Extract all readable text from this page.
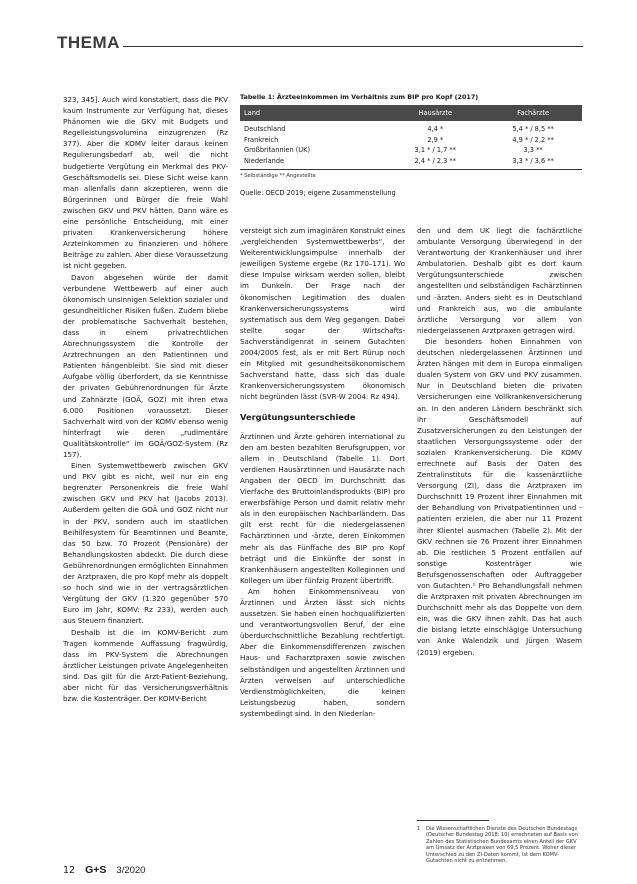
THEMA

323, 345]. Auch wird konstatiert, dass die PKV kaum Instrumente zur Verfügung hat, dieses Phänomen wie die GKV mit Budgets und Regelleistungsvolumina einzugrenzen (Rz 377). Aber die KOMV leiter daraus keinen Regulierungsbedarf ab, weil die nicht budgetierte Vergütung ein Merkmal des PKV-Geschäftsmodells sei. Diese Sicht weise kann man allenfalls dann akzeptieren, wenn die Bürgerinnen und Bürger die freie Wahl zwischen GKV und PKV hätten. Dann wäre es eine persönliche Entscheidung, mit einer privaten Krankenversicherung höhere Arzteinkommen zu finanzieren und höhere Beiträge zu zahlen. Aber diese Voraussetzung ist nicht gegeben.

Davon abgesehen würde der damit verbundene Wettbewerb auf einer auch ökonomisch unsinnigen Selektion sozialer und gesundheitlicher Risiken fußen. Zudem bliebe der problematische Sachverhalt bestehen, dass in einem privatrechtlichen Abrechnungssystem die Kontrolle der Arztrechnungen an den Patientinnen und Patienten hängenbleibt. Sie sind mit dieser Aufgabe völlig überfordert, da sie Kenntnisse der privaten Gebührenordnungen für Ärzte und Zahnärzte (GOÄ, GOZ) mit ihren etwa 6.000 Positionen voraussetzt. Dieser Sachverhalt wird von der KOMV ebenso wenig hinterfragt wie deren „rudimentäre Qualitätskontrolle“ im GOÄ/GOZ-System (Rz 157).

Einen Systemwettbewerb zwischen GKV und PKV gibt es nicht, weil nur ein eng begrenzter Personenkreis die freie Wahl zwischen GKV und PKV hat (Jacobs 2013). Außerdem gelten die GOÄ und GOZ nicht nur in der PKV, sondern auch im staatlichen Beihilfesystem für Beamtinnen und Beamte, das 50 bzw. 70 Prozent (Pensionäre) der Behandlungskosten abdeckt. Die durch diese Gebührenordnungen ermöglichten Einnahmen der Arztpraxen, die pro Kopf mehr als doppelt so hoch sind wie in der vertragsärztlichen Vergütung der GKV (1.320 gegenüber 570 Euro im Jahr, KOMV: Rz 233), werden auch aus Steuern finanziert.

Deshalb ist die im KOMV-Bericht zum Tragen kommende Auffassung fragwürdig, dass im PKV-System die Abrechnungen ärztlicher Leistungen private Angelegenheiten sind. Das gilt für die Arzt-Patient-Beziehung, aber nicht für das Versicherungsverhältnis bzw. die Kostenträger. Der KOMV-Bericht

Tabelle 1: Ärzteeinkommen im Verhältnis zum BIP pro Kopf (2017)
Land	Hausärzte	Fachärzte
Deutschland	4,4 *	5,4 * / 8,5 **
Frankreich	2,9 *	4,9 * / 2,2 **
Großbritannien (UK)	3,1 * / 1,7 **	3,3 **
Niederlande	2,4 * / 2,3 **	3,3 * / 3,6 **
* Selbständige ** Angestellte
Quelle: OECD 2019; eigene Zusammenstellung

versteigt sich zum imaginären Konstrukt eines „vergleichenden Systemwettbewerbs“, der Weiterentwicklungsimpulse innerhalb der jeweiligen Systeme ergebe (Rz 170–171). Wo diese Impulse wirksam werden sollen, bleibt im Dunkeln. Der Frage nach der ökonomischen Legitimation des dualen Krankenversicherungssystems wird systematisch aus dem Weg gegangen. Dabei stellte sogar der Wirtschafts-Sachverständigenrat in seinem Gutachten 2004/2005 fest, als er mit Bert Rürup noch ein Mitglied mit gesundheitsökonomischem Sachverstand hatte, dass sich das duale Krankenversicherungssystem ökonomisch nicht begründen lässt (SVR-W 2004: Rz 494).

Vergütungsunterschiede

Ärztinnen und Ärzte gehören international zu den am besten bezahlten Berufsgruppen, vor allem in Deutschland (Tabelle 1). Dort verdienen Hausärztinnen und Hausärzte nach Angaben der OECD im Durchschnitt das Vierfache des Bruttoinlandsprodukts (BIP) pro erwerbsfähige Person und damit relativ mehr als in den europäischen Nachbarländern. Das gilt erst recht für die niedergelassenen Fachärztinnen und -ärzte, deren Einkommen mehr als das Fünffache des BIP pro Kopf beträgt und die Einkünfte der sonst in Krankenhäusern angestellten Kolleginnen und Kollegen um über fünfzig Prozent übertrifft.

Am hohen Einkommensniveau von Ärztinnen und Ärzten lässt sich nichts aussetzen. Sie haben einen hochqualifizierten und verantwortungsvollen Beruf, der eine überdurchschnittliche Bezahlung rechtfertigt. Aber die Einkommensdifferenzen zwischen Haus- und Facharztpraxen sowie zwischen selbständigen und angestellten Ärztinnen und Ärzten verweisen auf unterschiedliche Verdienstmöglichkeiten, die keinen Leistungsbezug haben, sondern systembedingt sind. In den Niederlan-

den und dem UK liegt die fachärztliche ambulante Versorgung überwiegend in der Verantwortung der Krankenhäuser und ihrer Ambulatorien. Deshalb gibt es dort kaum Vergütungsunterschiede zwischen angestellten und selbständigen Fachärztinnen und -ärzten. Anders sieht es in Deutschland und Frankreich aus, wo die ambulante ärztliche Versorgung vor allem von niedergelassenen Arztpraxen getragen wird.

Die besonders hohen Einnahmen von deutschen niedergelassenen Ärztinnen und Ärzten hängen mit dem in Europa einmaligen dualen System von GKV und PKV zusammen. Nur in Deutschland bieten die privaten Versicherungen eine Vollkrankenversicherung an. In den anderen Ländern beschränkt sich ihr Geschäftsmodell auf Zusatzversicherungen zu den Leistungen der staatlichen Versorgungssysteme oder der sozialen Krankenversicherung. Die KOMV errechnete auf Basis der Daten des Zentralinstituts für die kassenärztliche Versorgung (ZI), dass die Arztpraxen im Durchschnitt 19 Prozent ihrer Einnahmen mit der Behandlung von Privatpatientinnen und -patienten erzielen, die aber nur 11 Prozent ihrer Klientel ausmachen (Tabelle 2). Mit der GKV rechnen sie 76 Prozent ihrer Einnahmen ab. Die restlichen 5 Prozent entfallen auf sonstige Kostenträger wie Berufsgenossenschaften oder Auftraggeber von Gutachten.¹ Pro Behandlungsfall nehmen die Arztpraxen mit privaten Abrechnungen im Durchschnitt mehr als das Doppelte von dem ein, was die GKV ihnen zahlt. Das hat auch die bislang letzte einschlägige Untersuchung von Anke Walendzik und Jürgen Wasem (2019) ergeben.

1	Die Wissenschaftlichen Dienste des Deutschen Bundestags (Deutscher Bundestag 2018: 10) errechneten auf Basis von Zahlen des Statistischen Bundesamts einen Anteil der GKV am Umsatz der Arztpraxen von 69,5 Prozent. Woher dieser Unterschied zu den ZI-Daten kommt, ist dem KOMV-Gutachten nicht zu entnehmen.
12 G+S 3/2020
